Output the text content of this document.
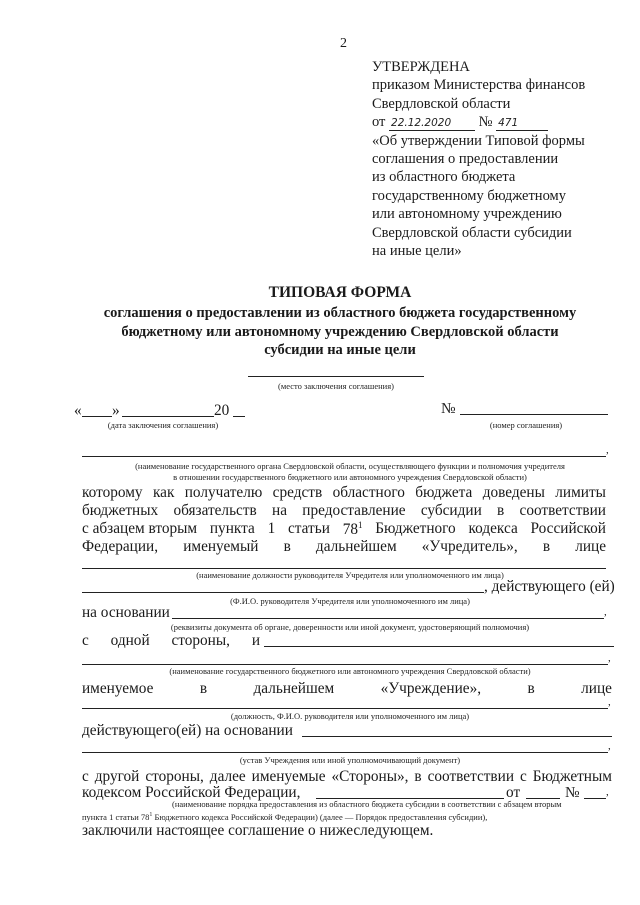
2
УТВЕРЖДЕНА
приказом Министерства финансов
Свердловской области
от 22.12.2020 № 471
«Об утверждении Типовой формы
соглашения о предоставлении
из областного бюджета
государственному бюджетному
или автономному учреждению
Свердловской области субсидии
на иные цели»
ТИПОВАЯ ФОРМА
соглашения о предоставлении из областного бюджета государственному
бюджетному или автономному учреждению Свердловской области
субсидии на иные цели
(место заключения соглашения)
« »	20
(дата заключения соглашения)
№
(номер соглашения)
,
(наименование государственного органа Свердловской области, осуществляющего функции и полномочия учредителя
в отношении государственного бюджетного или автономного учреждения Свердловской области)
которому как получателю средств областного бюджета доведены лимиты
бюджетных обязательств на предоставление субсидии в соответствии
с абзацем вторым пункта 1 статьи $78^1$ Бюджетного кодекса Российской
Федерации, именуемый в дальнейшем «Учредитель», в лице
(наименование должности руководителя Учредителя или уполномоченного им лица)
, действующего (ей)
(Ф.И.О. руководителя Учредителя или уполномоченного им лица)
на основании	,
(реквизиты документа об органе, доверенности или иной документ, удостоверяющий полномочия)
с одной стороны, и
,
(наименование государственного бюджетного или автономного учреждения Свердловской области)
именуемое	в	дальнейшем	«Учреждение»,	в	лице
,
(должность, Ф.И.О. руководителя или уполномоченного им лица)
действующего(ей) на основании
,
(устав Учреждения или иной уполномочивающий документ)
с другой стороны, далее именуемые «Стороны», в соответствии с Бюджетным
кодексом Российской Федерации,	от	№ ,
(наименование порядка предоставления из областного бюджета субсидии в соответствии с абзацем вторым
пункта 1 статьи $78^1$ Бюджетного кодекса Российской Федерации) (далее — Порядок предоставления субсидии),
заключили настоящее соглашение о нижеследующем.
